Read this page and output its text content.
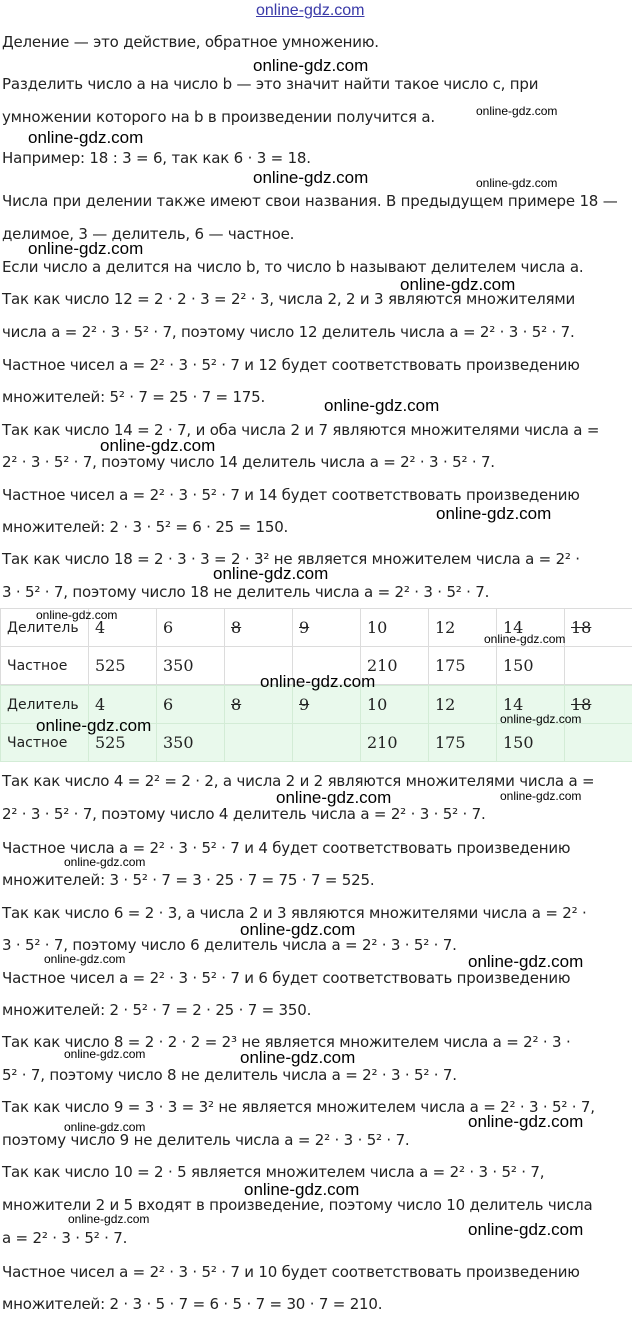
online-gdz.com
Деление — это действие, обратное умножению.
Разделить число a на число b — это значит найти такое число c, при
умножении которого на b в произведении получится a.
Например: 18 : 3 = 6, так как 6 · 3 = 18.
Числа при делении также имеют свои названия. В предыдущем примере 18 —
делимое, 3 — делитель, 6 — частное.
Если число a делится на число b, то число b называют делителем числа a.
Так как число 12 = 2 · 2 · 3 = 2² · 3, числа 2, 2 и 3 являются множителями
числа a = 2² · 3 · 5² · 7, поэтому число 12 делитель числа a = 2² · 3 · 5² · 7.
Частное чисел a = 2² · 3 · 5² · 7 и 12 будет соответствовать произведению
множителей: 5² · 7 = 25 · 7 = 175.
Так как число 14 = 2 · 7, и оба числа 2 и 7 являются множителями числа a =
2² · 3 · 5² · 7, поэтому число 14 делитель числа a = 2² · 3 · 5² · 7.
Частное чисел a = 2² · 3 · 5² · 7 и 14 будет соответствовать произведению
множителей: 2 · 3 · 5² = 6 · 25 = 150.
Так как число 18 = 2 · 3 · 3 = 2 · 3² не является множителем числа a = 2² ·
3 · 5² · 7, поэтому число 18 не делитель числа a = 2² · 3 · 5² · 7.
Делитель	4	6	8	9	10	12	14	18
Частное	525	350			210	175	150	
Делитель	4	6	8	9	10	12	14	18
Частное	525	350			210	175	150	
Так как число 4 = 2² = 2 · 2, а числа 2 и 2 являются множителями числа a =
2² · 3 · 5² · 7, поэтому число 4 делитель числа a = 2² · 3 · 5² · 7.
Частное числа a = 2² · 3 · 5² · 7 и 4 будет соответствовать произведению
множителей: 3 · 5² · 7 = 3 · 25 · 7 = 75 · 7 = 525.
Так как число 6 = 2 · 3, а числа 2 и 3 являются множителями числа a = 2² ·
3 · 5² · 7, поэтому число 6 делитель числа a = 2² · 3 · 5² · 7.
Частное чисел a = 2² · 3 · 5² · 7 и 6 будет соответствовать произведению
множителей: 2 · 5² · 7 = 2 · 25 · 7 = 350.
Так как число 8 = 2 · 2 · 2 = 2³ не является множителем числа a = 2² · 3 ·
5² · 7, поэтому число 8 не делитель числа a = 2² · 3 · 5² · 7.
Так как число 9 = 3 · 3 = 3² не является множителем числа a = 2² · 3 · 5² · 7,
поэтому число 9 не делитель числа a = 2² · 3 · 5² · 7.
Так как число 10 = 2 · 5 является множителем числа a = 2² · 3 · 5² · 7,
множители 2 и 5 входят в произведение, поэтому число 10 делитель числа
a = 2² · 3 · 5² · 7.
Частное чисел a = 2² · 3 · 5² · 7 и 10 будет соответствовать произведению
множителей: 2 · 3 · 5 · 7 = 6 · 5 · 7 = 30 · 7 = 210.
online-gdz.com
online-gdz.com
online-gdz.com
online-gdz.com	online-gdz.com
online-gdz.com
online-gdz.com
online-gdz.com
online-gdz.com
online-gdz.com
online-gdz.com
online-gdz.com
online-gdz.com
online-gdz.com
online-gdz.com
online-gdz.com
online-gdz.com
online-gdz.com
online-gdz.com
online-gdz.com
online-gdz.com	online-gdz.com
online-gdz.com	online-gdz.com
online-gdz.com	online-gdz.com
online-gdz.com
online-gdz.com
online-gdz.com
